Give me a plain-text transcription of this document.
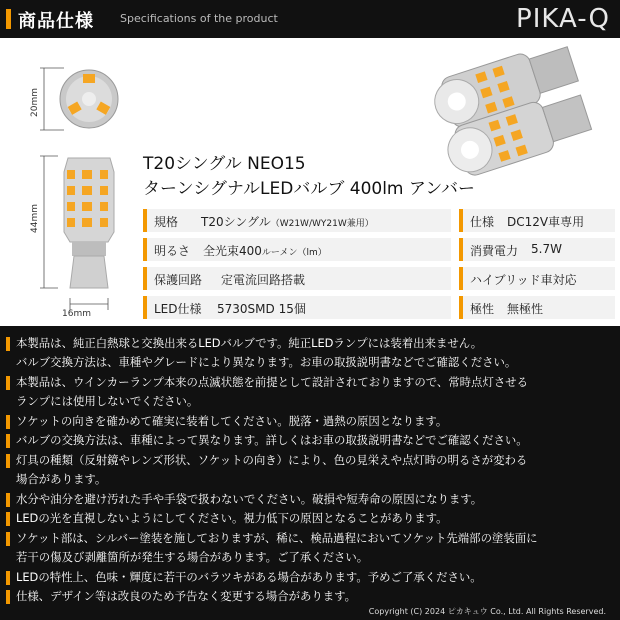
商品仕様 Specifications of the product	PIKA-Q
20mm
44mm
16mm
T20シングル NEO15
ターンシグナルLEDバルブ 400lm アンバー
規格 T20シングル（W21W/WY21W兼用）	仕様 DC12V車専用
明るさ 全光束400ルーメン（lm）	消費電力 5.7W
保護回路 定電流回路搭載	ハイブリッド車対応
LED仕様 5730SMD 15個	極性 無極性
本製品は、純正白熱球と交換出来るLEDバルブです。純正LEDランプには装着出来ません。
バルブ交換方法は、車種やグレードにより異なります。お車の取扱説明書などでご確認ください。
本製品は、ウインカーランプ本来の点滅状態を前提として設計されておりますので、常時点灯させる
ランプには使用しないでください。
ソケットの向きを確かめて確実に装着してください。脱落・過熱の原因となります。
バルブの交換方法は、車種によって異なります。詳しくはお車の取扱説明書などでご確認ください。
灯具の種類（反射鏡やレンズ形状、ソケットの向き）により、色の見栄えや点灯時の明るさが変わる
場合があります。
水分や油分を避け汚れた手や手袋で扱わないでください。破損や短寿命の原因になります。
LEDの光を直視しないようにしてください。視力低下の原因となることがあります。
ソケット部は、シルバー塗装を施しておりますが、稀に、検品過程においてソケット先端部の塗装面に
若干の傷及び剥離箇所が発生する場合があります。ご了承ください。
LEDの特性上、色味・輝度に若干のバラツキがある場合があります。予めご了承ください。
仕様、デザイン等は改良のため予告なく変更する場合があります。
Copyright (C) 2024 ピカキュウ Co., Ltd. All Rights Reserved.
